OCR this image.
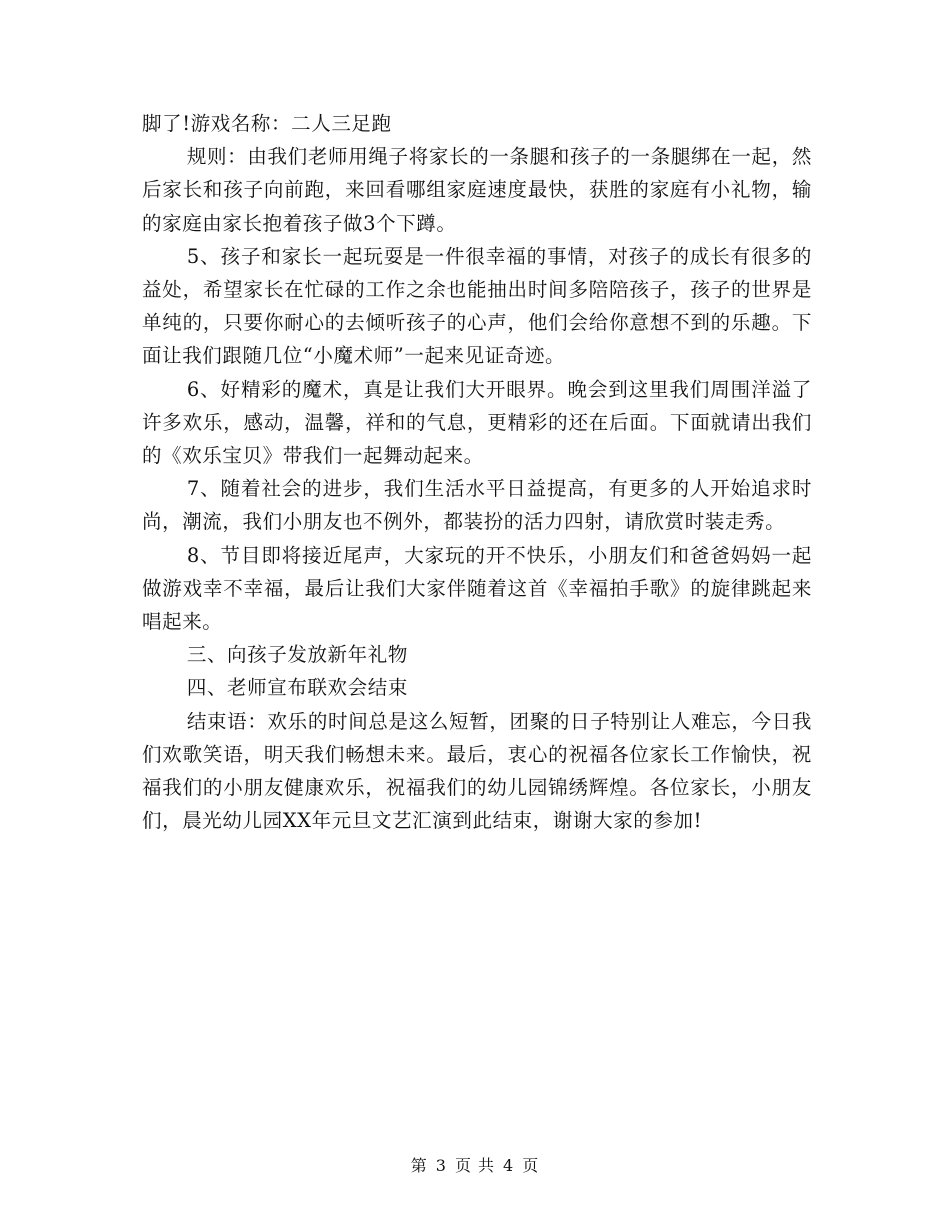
脚了!游戏名称：二人三足跑

规则：由我们老师用绳子将家长的一条腿和孩子的一条腿绑在一起，然后家长和孩子向前跑，来回看哪组家庭速度最快，获胜的家庭有小礼物，输的家庭由家长抱着孩子做3个下蹲。

5、孩子和家长一起玩耍是一件很幸福的事情，对孩子的成长有很多的益处，希望家长在忙碌的工作之余也能抽出时间多陪陪孩子，孩子的世界是单纯的，只要你耐心的去倾听孩子的心声，他们会给你意想不到的乐趣。下面让我们跟随几位“小魔术师”一起来见证奇迹。

6、好精彩的魔术，真是让我们大开眼界。晚会到这里我们周围洋溢了许多欢乐，感动，温馨，祥和的气息，更精彩的还在后面。下面就请出我们的《欢乐宝贝》带我们一起舞动起来。

7、随着社会的进步，我们生活水平日益提高，有更多的人开始追求时尚，潮流，我们小朋友也不例外，都装扮的活力四射，请欣赏时装走秀。

8、节目即将接近尾声，大家玩的开不快乐，小朋友们和爸爸妈妈一起做游戏幸不幸福，最后让我们大家伴随着这首《幸福拍手歌》的旋律跳起来唱起来。

三、向孩子发放新年礼物

四、老师宣布联欢会结束

结束语：欢乐的时间总是这么短暂，团聚的日子特别让人难忘，今日我们欢歌笑语，明天我们畅想未来。最后，衷心的祝福各位家长工作愉快，祝福我们的小朋友健康欢乐，祝福我们的幼儿园锦绣辉煌。各位家长，小朋友们，晨光幼儿园XX年元旦文艺汇演到此结束，谢谢大家的参加!

第 3 页 共 4 页
